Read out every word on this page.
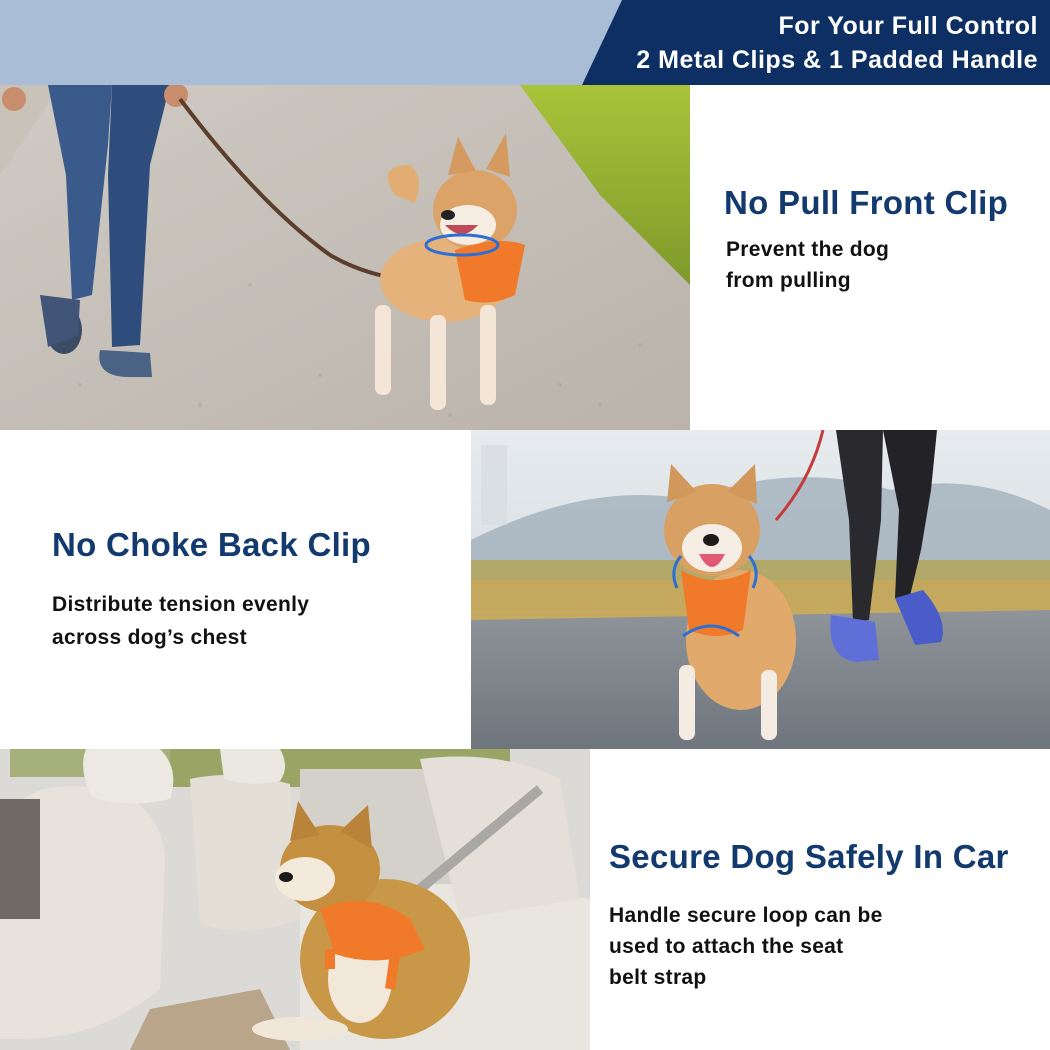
For Your Full Control
2 Metal Clips & 1 Padded Handle
No Pull Front Clip
Prevent the dog
from pulling
No Choke Back Clip
Distribute tension evenly
across dog’s chest
Secure Dog Safely In Car
Handle secure loop can be
used to attach the seat
belt strap
